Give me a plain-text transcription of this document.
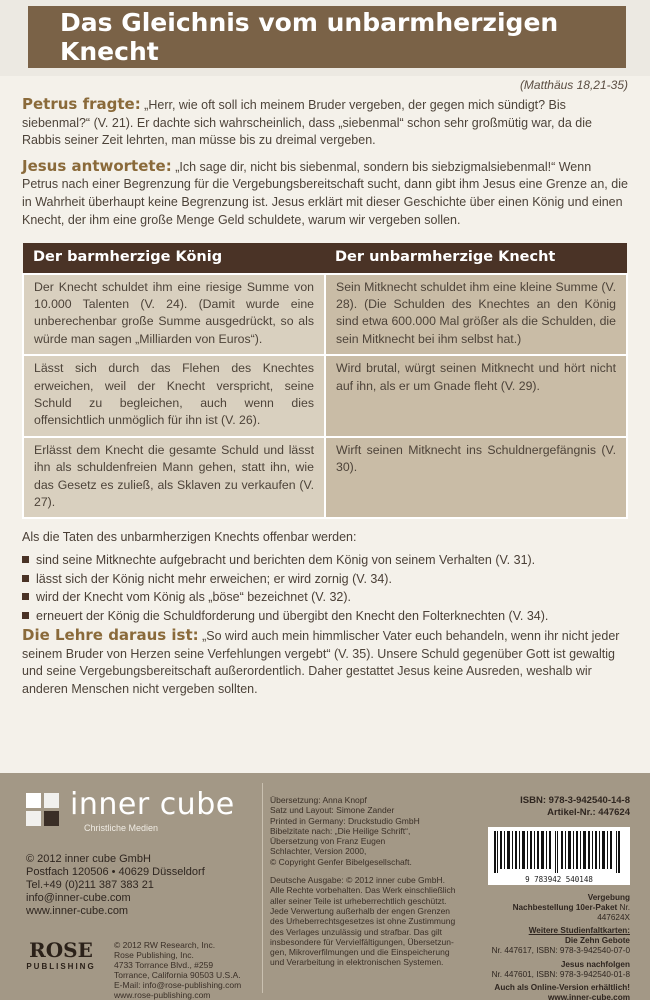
Das Gleichnis vom unbarmherzigen Knecht
(Matthäus 18,21-35)

Petrus fragte: „Herr, wie oft soll ich meinem Bruder vergeben, der gegen mich sündigt? Bis siebenmal?“ (V. 21). Er dachte sich wahrscheinlich, dass „siebenmal“ schon sehr großmütig war, da die Rabbis seiner Zeit lehrten, man müsse bis zu dreimal vergeben.

Jesus antwortete: „Ich sage dir, nicht bis siebenmal, sondern bis siebzigmalsiebenmal!“ Wenn Petrus nach einer Begrenzung für die Vergebungsbereitschaft sucht, dann gibt ihm Jesus eine Grenze an, die in Wahrheit überhaupt keine Begrenzung ist. Jesus erklärt mit dieser Geschichte über einen König und einen Knecht, der ihm eine große Menge Geld schuldete, warum wir vergeben sollen.

Der barmherzige König	Der unbarmherzige Knecht
Der Knecht schuldet ihm eine riesige Summe von 10.000 Talenten (V. 24). (Damit wurde eine unberechenbar große Summe ausgedrückt, so als würde man sagen „Milliarden von Euros“).	Sein Mitknecht schuldet ihm eine kleine Summe (V. 28). (Die Schulden des Knechtes an den König sind etwa 600.000 Mal größer als die Schulden, die sein Mitknecht bei ihm selbst hat.)
Lässt sich durch das Flehen des Knechtes erweichen, weil der Knecht verspricht, seine Schuld zu begleichen, auch wenn dies offensichtlich unmöglich für ihn ist (V. 26).	Wird brutal, würgt seinen Mitknecht und hört nicht auf ihn, als er um Gnade fleht (V. 29).
Erlässt dem Knecht die gesamte Schuld und lässt ihn als schuldenfreien Mann gehen, statt ihn, wie das Gesetz es zuließ, als Sklaven zu verkaufen (V. 27).	Wirft seinen Mitknecht ins Schuldnergefängnis (V. 30).
Als die Taten des unbarmherzigen Knechts offenbar werden:
sind seine Mitknechte aufgebracht und berichten dem König von seinem Verhalten (V. 31).
lässt sich der König nicht mehr erweichen; er wird zornig (V. 34).
wird der Knecht vom König als „böse“ bezeichnet (V. 32).
erneuert der König die Schuldforderung und übergibt den Knecht den Folterknechten (V. 34).

Die Lehre daraus ist: „So wird auch mein himmlischer Vater euch behandeln, wenn ihr nicht jeder seinem Bruder von Herzen seine Verfehlungen vergebt“ (V. 35). Unsere Schuld gegenüber Gott ist gewaltig und seine Vergebungsbereitschaft außerordentlich. Daher gestattet Jesus keine Ausreden, weshalb wir anderen Menschen nicht vergeben sollten.

inner cube
Christliche Medien
© 2012 inner cube GmbH
Postfach 120506 • 40629 Düsseldorf
Tel.+49 (0)211 387 383 21
info@inner-cube.com
www.inner-cube.com
ROSE
PUBLISHING
© 2012 RW Research, Inc.
Rose Publishing, Inc.
4733 Torrance Blvd., #259
Torrance, California 90503 U.S.A.
E-Mail: info@rose-publishing.com
www.rose-publishing.com
Übersetzung: Anna Knopf
Satz und Layout: Simone Zander
Printed in Germany: Druckstudio GmbH
Bibelzitate nach: „Die Heilige Schrift“,
Übersetzung von Franz Eugen
Schlachter, Version 2000,
© Copyright Genfer Bibelgesellschaft.
Deutsche Ausgabe: © 2012 inner cube GmbH.
Alle Rechte vorbehalten. Das Werk einschließlich
aller seiner Teile ist urheberrechtlich geschützt.
Jede Verwertung außerhalb der engen Grenzen
des Urheberrechtsgesetzes ist ohne Zustimmung
des Verlages unzulässig und strafbar. Das gilt
insbesondere für Vervielfältigungen, Übersetzun-
gen, Mikroverfilmungen und die Einspeicherung
und Verarbeitung in elektronischen Systemen.
ISBN: 978-3-942540-14-8
Artikel-Nr.: 447624
9 783942 540148
Vergebung
Nachbestellung 10er-Paket Nr. 447624X
Weitere Studienfaltkarten:
Die Zehn Gebote
Nr. 447617, ISBN: 978-3-942540-07-0
Jesus nachfolgen
Nr. 447601, ISBN: 978-3-942540-01-8
Auch als Online-Version erhältlich!
www.inner-cube.com
